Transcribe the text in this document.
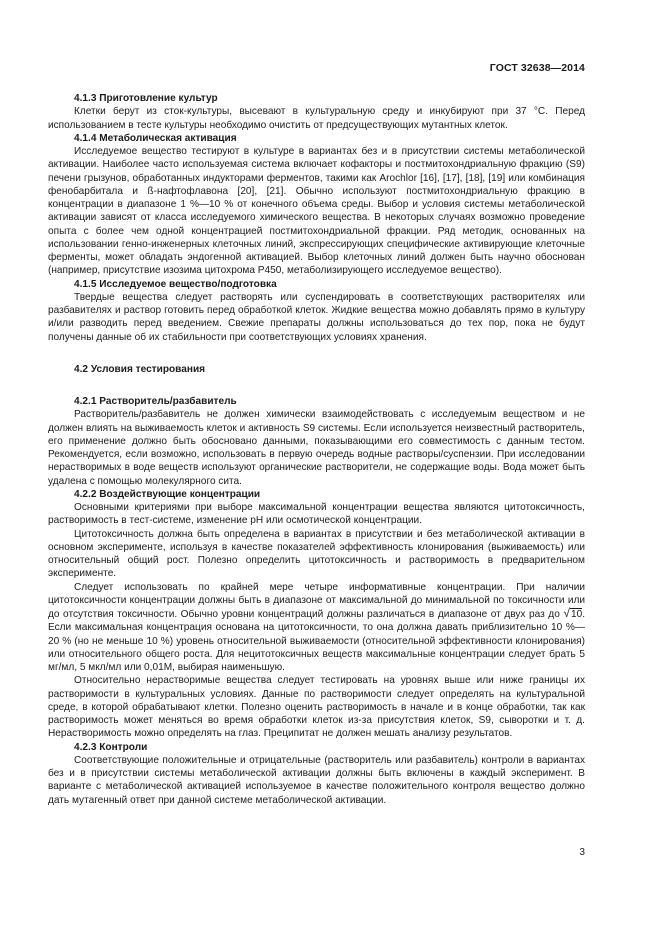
ГОСТ 32638—2014

4.1.3 Приготовление культур

Клетки берут из сток-культуры, высевают в культуральную среду и инкубируют при 37 °C. Перед использованием в тесте культуры необходимо очистить от предсуществующих мутантных клеток.

4.1.4 Метаболическая активация

Исследуемое вещество тестируют в культуре в вариантах без и в присутствии системы метаболической активации. Наиболее часто используемая система включает кофакторы и постмитохондриальную фракцию (S9) печени грызунов, обработанных индукторами ферментов, такими как Arochlor [16], [17], [18], [19] или комбинация фенобарбитала и ß-нафтофлавона [20], [21]. Обычно используют постмитохондриальную фракцию в концентрации в диапазоне 1 %—10 % от конечного объема среды. Выбор и условия системы метаболической активации зависят от класса исследуемого химического вещества. В некоторых случаях возможно проведение опыта с более чем одной концентрацией постмитохондриальной фракции. Ряд методик, основанных на использовании генно-инженерных клеточных линий, экспрессирующих специфические активирующие клеточные ферменты, может обладать эндогенной активацией. Выбор клеточных линий должен быть научно обоснован (например, присутствие изозима цитохрома P450, метаболизирующего исследуемое вещество).

4.1.5 Исследуемое вещество/подготовка

Твердые вещества следует растворять или суспендировать в соответствующих растворителях или разбавителях и раствор готовить перед обработкой клеток. Жидкие вещества можно добавлять прямо в культуру и/или разводить перед введением. Свежие препараты должны использоваться до тех пор, пока не будут получены данные об их стабильности при соответствующих условиях хранения.

4.2 Условия тестирования

4.2.1 Растворитель/разбавитель

Растворитель/разбавитель не должен химически взаимодействовать с исследуемым веществом и не должен влиять на выживаемость клеток и активность S9 системы. Если используется неизвестный растворитель, его применение должно быть обосновано данными, показывающими его совместимость с данным тестом. Рекомендуется, если возможно, использовать в первую очередь водные растворы/суспензии. При исследовании нерастворимых в воде веществ используют органические растворители, не содержащие воды. Вода может быть удалена с помощью молекулярного сита.

4.2.2 Воздействующие концентрации

Основными критериями при выборе максимальной концентрации вещества являются цитотоксичность, растворимость в тест-системе, изменение pH или осмотической концентрации.

Цитотоксичность должна быть определена в вариантах в присутствии и без метаболической активации в основном эксперименте, используя в качестве показателей эффективность клонирования (выживаемость) или относительный общий рост. Полезно определить цитотоксичность и растворимость в предварительном эксперименте.

Следует использовать по крайней мере четыре информативные концентрации. При наличии цитотоксичности концентрации должны быть в диапазоне от максимальной до минимальной по токсичности или до отсутствия токсичности. Обычно уровни концентраций должны различаться в диапазоне от двух раз до √10. Если максимальная концентрация основана на цитотоксичности, то она должна давать приблизительно 10 %—20 % (но не меньше 10 %) уровень относительной выживаемости (относительной эффективности клонирования) или относительного общего роста. Для нецитотоксичных веществ максимальные концентрации следует брать 5 мг/мл, 5 мкл/мл или 0,01М, выбирая наименьшую.

Относительно нерастворимые вещества следует тестировать на уровнях выше или ниже границы их растворимости в культуральных условиях. Данные по растворимости следует определять на культуральной среде, в которой обрабатывают клетки. Полезно оценить растворимость в начале и в конце обработки, так как растворимость может меняться во время обработки клеток из-за присутствия клеток, S9, сыворотки и т. д. Нерастворимость можно определять на глаз. Преципитат не должен мешать анализу результатов.

4.2.3 Контроли

Соответствующие положительные и отрицательные (растворитель или разбавитель) контроли в вариантах без и в присутствии системы метаболической активации должны быть включены в каждый эксперимент. В варианте с метаболической активацией используемое в качестве положительного контроля вещество должно дать мутагенный ответ при данной системе метаболической активации.

3
